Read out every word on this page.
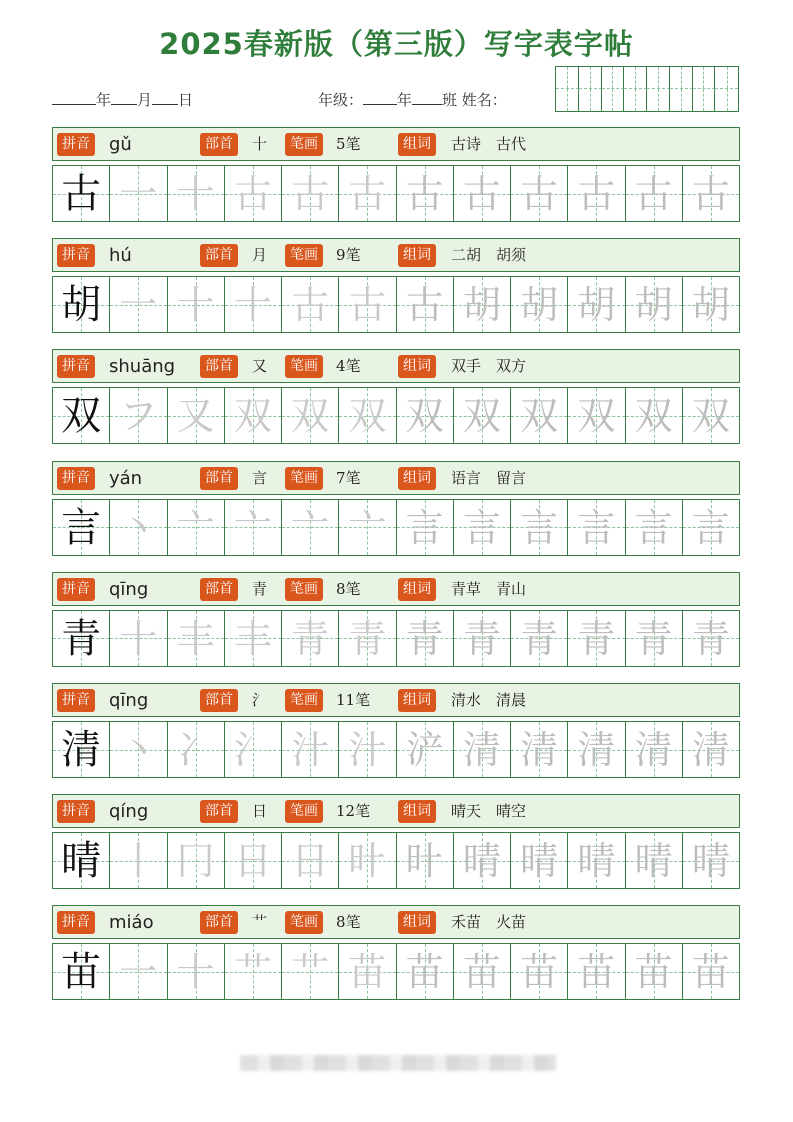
2025春新版（第三版）写字表字帖
年 月 日	年级： 年 班 姓名：
拼音 gǔ	部首	十	笔画	5笔	组词	古诗　古代
古 一 十 古 古 古 古 古 古 古 古 古
拼音 hú	部首	月	笔画	9笔	组词	二胡　胡须
胡 一 十 十 古 古 古 胡 胡 胡 胡 胡
拼音 shuāng	部首	又	笔画	4笔	组词	双手　双方
双 フ 又 双 双 双 双 双 双 双 双 双
拼音 yán	部首	言	笔画	7笔	组词	语言　留言
言 丶 亠 亠 亠 亠 言 言 言 言 言 言
拼音 qīng	部首	青	笔画	8笔	组词	青草　青山
青 十 丰 丰 青 青 青 青 青 青 青 青
拼音 qīng	部首	氵	笔画	11笔	组词	清水　清晨
清 丶 冫 氵 汁 汁 浐 清 清 清 清 清
拼音 qíng	部首	日	笔画	12笔	组词	晴天　晴空
晴 丨 冂 日 日 旪 旪 晴 晴 晴 晴 晴
拼音 miáo	部首	艹	笔画	8笔	组词	禾苗　火苗
苗 一 十 艹 艹 苗 苗 苗 苗 苗 苗 苗
